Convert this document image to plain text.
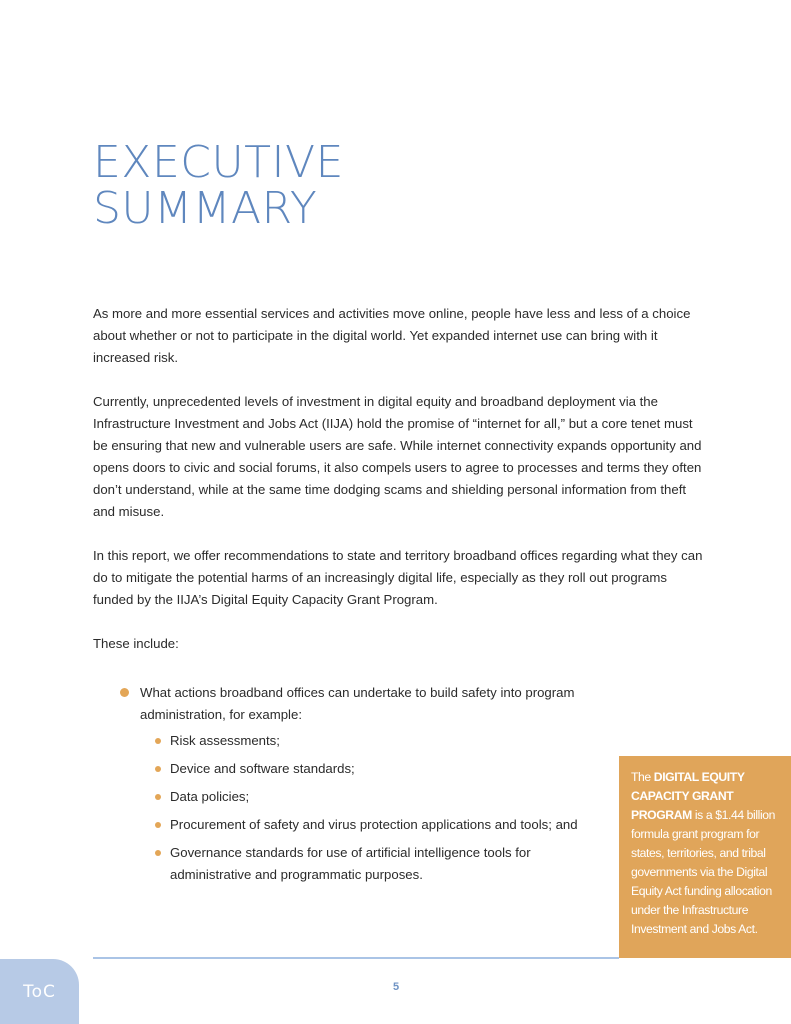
EXECUTIVE
SUMMARY

As more and more essential services and activities move online, people have less and less of a choice about whether or not to participate in the digital world. Yet expanded internet use can bring with it increased risk.

Currently, unprecedented levels of investment in digital equity and broadband deployment via the Infrastructure Investment and Jobs Act (IIJA) hold the promise of “internet for all,” but a core tenet must be ensuring that new and vulnerable users are safe. While internet connectivity expands opportunity and opens doors to civic and social forums, it also compels users to agree to processes and terms they often don’t understand, while at the same time dodging scams and shielding personal information from theft and misuse.

In this report, we offer recommendations to state and territory broadband offices regarding what they can do to mitigate the potential harms of an increasingly digital life, especially as they roll out programs funded by the IIJA’s Digital Equity Capacity Grant Program.

These include:

What actions broadband offices can undertake to build safety into program administration, for example:
Risk assessments;
Device and software standards;
Data policies;
Procurement of safety and virus protection applications and tools; and
Governance standards for use of artificial intelligence tools for administrative and programmatic purposes.
The DIGITAL EQUITY CAPACITY GRANT PROGRAM is a $1.44 billion formula grant program for states, territories, and tribal governments via the Digital Equity Act funding allocation under the Infrastructure Investment and Jobs Act.
ToC	5
